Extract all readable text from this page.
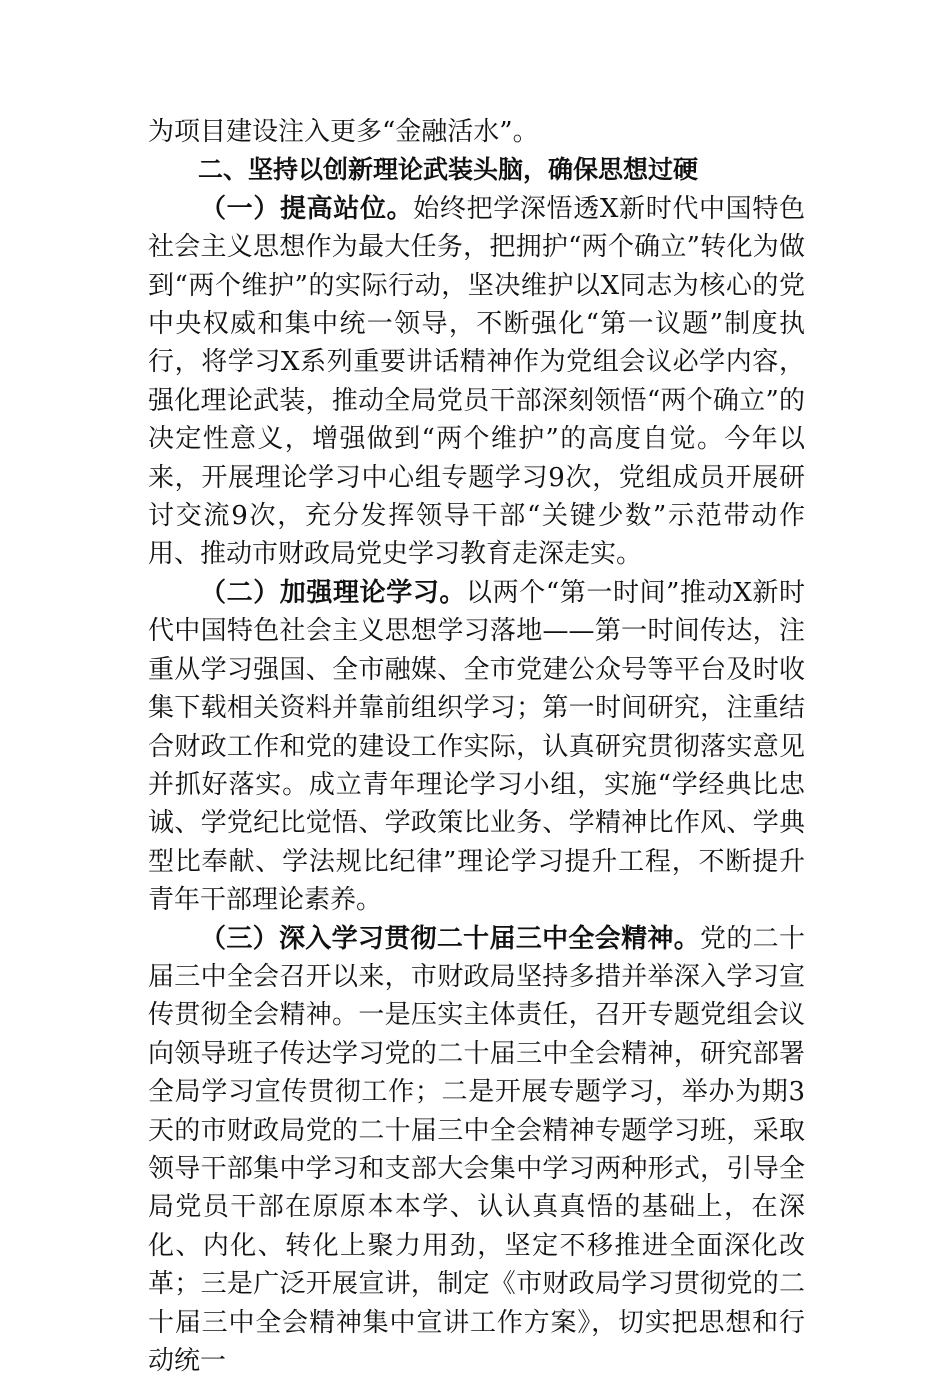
为项目建设注入更多“金融活水”。

二、坚持以创新理论武装头脑，确保思想过硬

（一）提高站位。始终把学深悟透X新时代中国特色社会主义思想作为最大任务，把拥护“两个确立”转化为做到“两个维护”的实际行动，坚决维护以X同志为核心的党中央权威和集中统一领导，不断强化“第一议题”制度执行，将学习X系列重要讲话精神作为党组会议必学内容，强化理论武装，推动全局党员干部深刻领悟“两个确立”的决定性意义，增强做到“两个维护”的高度自觉。今年以来，开展理论学习中心组专题学习9次，党组成员开展研讨交流9次，充分发挥领导干部“关键少数”示范带动作用、推动市财政局党史学习教育走深走实。

（二）加强理论学习。以两个“第一时间”推动X新时代中国特色社会主义思想学习落地——第一时间传达，注重从学习强国、全市融媒、全市党建公众号等平台及时收集下载相关资料并靠前组织学习；第一时间研究，注重结合财政工作和党的建设工作实际，认真研究贯彻落实意见并抓好落实。成立青年理论学习小组，实施“学经典比忠诚、学党纪比觉悟、学政策比业务、学精神比作风、学典型比奉献、学法规比纪律”理论学习提升工程，不断提升青年干部理论素养。

（三）深入学习贯彻二十届三中全会精神。党的二十届三中全会召开以来，市财政局坚持多措并举深入学习宣传贯彻全会精神。一是压实主体责任，召开专题党组会议向领导班子传达学习党的二十届三中全会精神，研究部署全局学习宣传贯彻工作；二是开展专题学习，举办为期3天的市财政局党的二十届三中全会精神专题学习班，采取领导干部集中学习和支部大会集中学习两种形式，引导全局党员干部在原原本本学、认认真真悟的基础上，在深化、内化、转化上聚力用劲，坚定不移推进全面深化改革；三是广泛开展宣讲，制定《市财政局学习贯彻党的二十届三中全会精神集中宣讲工作方案》，切实把思想和行动统一
